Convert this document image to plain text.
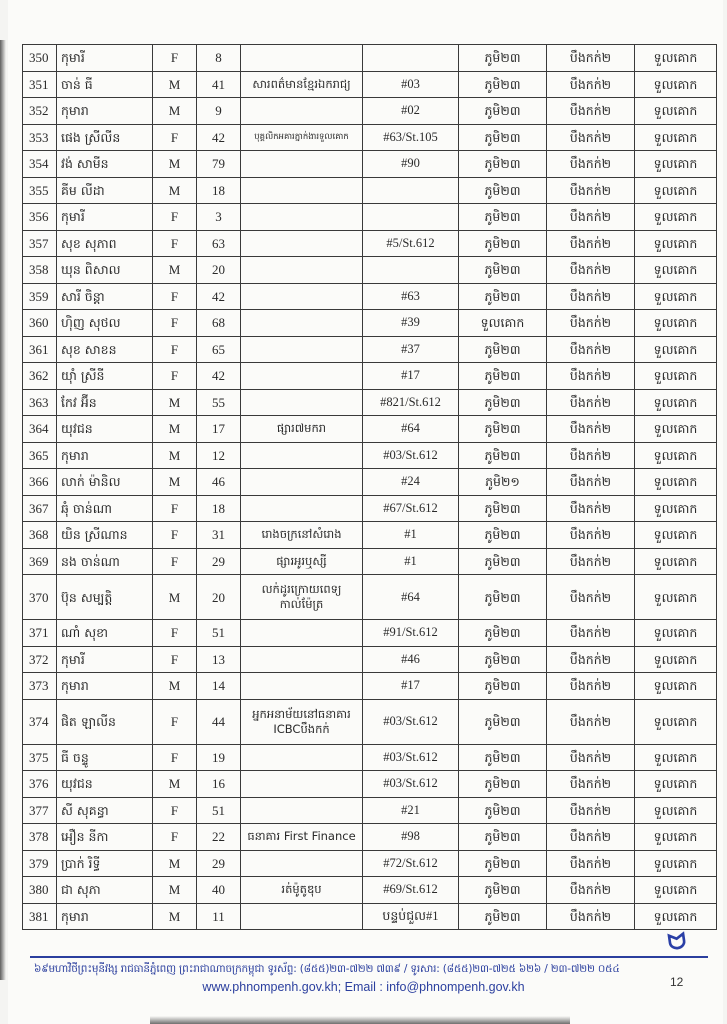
350	កុមារី	F	8			ភូមិ២៣	បឹងកក់២	ទួលគោក
351	ចាន់ ធី	M	41	សារពត៌មានខ្មែរឯករាជ្យ	#03	ភូមិ២៣	បឹងកក់២	ទួលគោក
352	កុមារា	M	9		#02	ភូមិ២៣	បឹងកក់២	ទួលគោក
353	ផេង ស្រីលីន	F	42	បុគ្គលិកអគារភ្នាក់ងារទួលគោក	#63/St.105	ភូមិ២៣	បឹងកក់២	ទួលគោក
354	វង់ សាមីន	M	79		#90	ភូមិ២៣	បឹងកក់២	ទួលគោក
355	គីម លីដា	M	18			ភូមិ២៣	បឹងកក់២	ទួលគោក
356	កុមារី	F	3			ភូមិ២៣	បឹងកក់២	ទួលគោក
357	សុខ សុភាព	F	63		#5/St.612	ភូមិ២៣	បឹងកក់២	ទួលគោក
358	ឃុន ពិសាល	M	20			ភូមិ២៣	បឹងកក់២	ទួលគោក
359	សារី ចិន្តា	F	42		#63	ភូមិ២៣	បឹងកក់២	ទួលគោក
360	ហ៊ិញ សុថល	F	68		#39	ទួលគោក	បឹងកក់២	ទួលគោក
361	សុខ សាខន	F	65		#37	ភូមិ២៣	បឹងកក់២	ទួលគោក
362	យ៉ាំ ស្រីនី	F	42		#17	ភូមិ២៣	បឹងកក់២	ទួលគោក
363	កែវ អ៊ីន	M	55		#821/St.612	ភូមិ២៣	បឹងកក់២	ទួលគោក
364	យុវជន	M	17	ផ្សារ៧មករា	#64	ភូមិ២៣	បឹងកក់២	ទួលគោក
365	កុមារា	M	12		#03/St.612	ភូមិ២៣	បឹងកក់២	ទួលគោក
366	លាក់ ម៉ានិល	M	46		#24	ភូមិ២១	បឹងកក់២	ទួលគោក
367	ឆុំ ចាន់ណា	F	18		#67/St.612	ភូមិ២៣	បឹងកក់២	ទួលគោក
368	យិន ស្រីណាន	F	31	រោងចក្រនៅសំរោង	#1	ភូមិ២៣	បឹងកក់២	ទួលគោក
369	នង ចាន់ណា	F	29	ផ្សារអូរឬស្សី	#1	ភូមិ២៣	បឹងកក់២	ទួលគោក
370	ប៊ុន សម្បត្តិ	M	20	លក់ដូរក្រោយពេទ្យកាល់ម៉ែត្រ	#64	ភូមិ២៣	បឹងកក់២	ទួលគោក
371	ណាំ សុខា	F	51		#91/St.612	ភូមិ២៣	បឹងកក់២	ទួលគោក
372	កុមារី	F	13		#46	ភូមិ២៣	បឹងកក់២	ទួលគោក
373	កុមារា	M	14		#17	ភូមិ២៣	បឹងកក់២	ទួលគោក
374	ផិត ឡាលីន	F	44	អ្នកអនាម័យនៅធនាគារ ICBCបឹងកក់	#03/St.612	ភូមិ២៣	បឹងកក់២	ទួលគោក
375	ធី ចន្ទូ	F	19		#03/St.612	ភូមិ២៣	បឹងកក់២	ទួលគោក
376	យុវជន	M	16		#03/St.612	ភូមិ២៣	បឹងកក់២	ទួលគោក
377	សី សុគន្ធា	F	51		#21	ភូមិ២៣	បឹងកក់២	ទួលគោក
378	អឿន នីកា	F	22	ធនាគារ First Finance	#98	ភូមិ២៣	បឹងកក់២	ទួលគោក
379	ប្រាក់ រិទ្ធី	M	29		#72/St.612	ភូមិ២៣	បឹងកក់២	ទួលគោក
380	ជា សុភា	M	40	រត់ម៉ូតូឌុប	#69/St.612	ភូមិ២៣	បឹងកក់២	ទួលគោក
381	កុមារា	M	11		បន្ទប់ជួល#1	ភូមិ២៣	បឹងកក់២	ទួលគោក
ᗢ
៦៩មហាវិថីព្រះមុនីវង្ស រាជធានីភ្នំពេញ ព្រះរាជាណាចក្រកម្ពុជា ទូរស័ព្ទ: (៨៥៥)២៣-៧២២ ៧៣៩ / ទូរសារ: (៨៥៥)២៣-៧២៥ ៦២៦ / ២៣-៧២២ ០៥៤
www.phnompenh.gov.kh; Email : info@phnompenh.gov.kh	12
